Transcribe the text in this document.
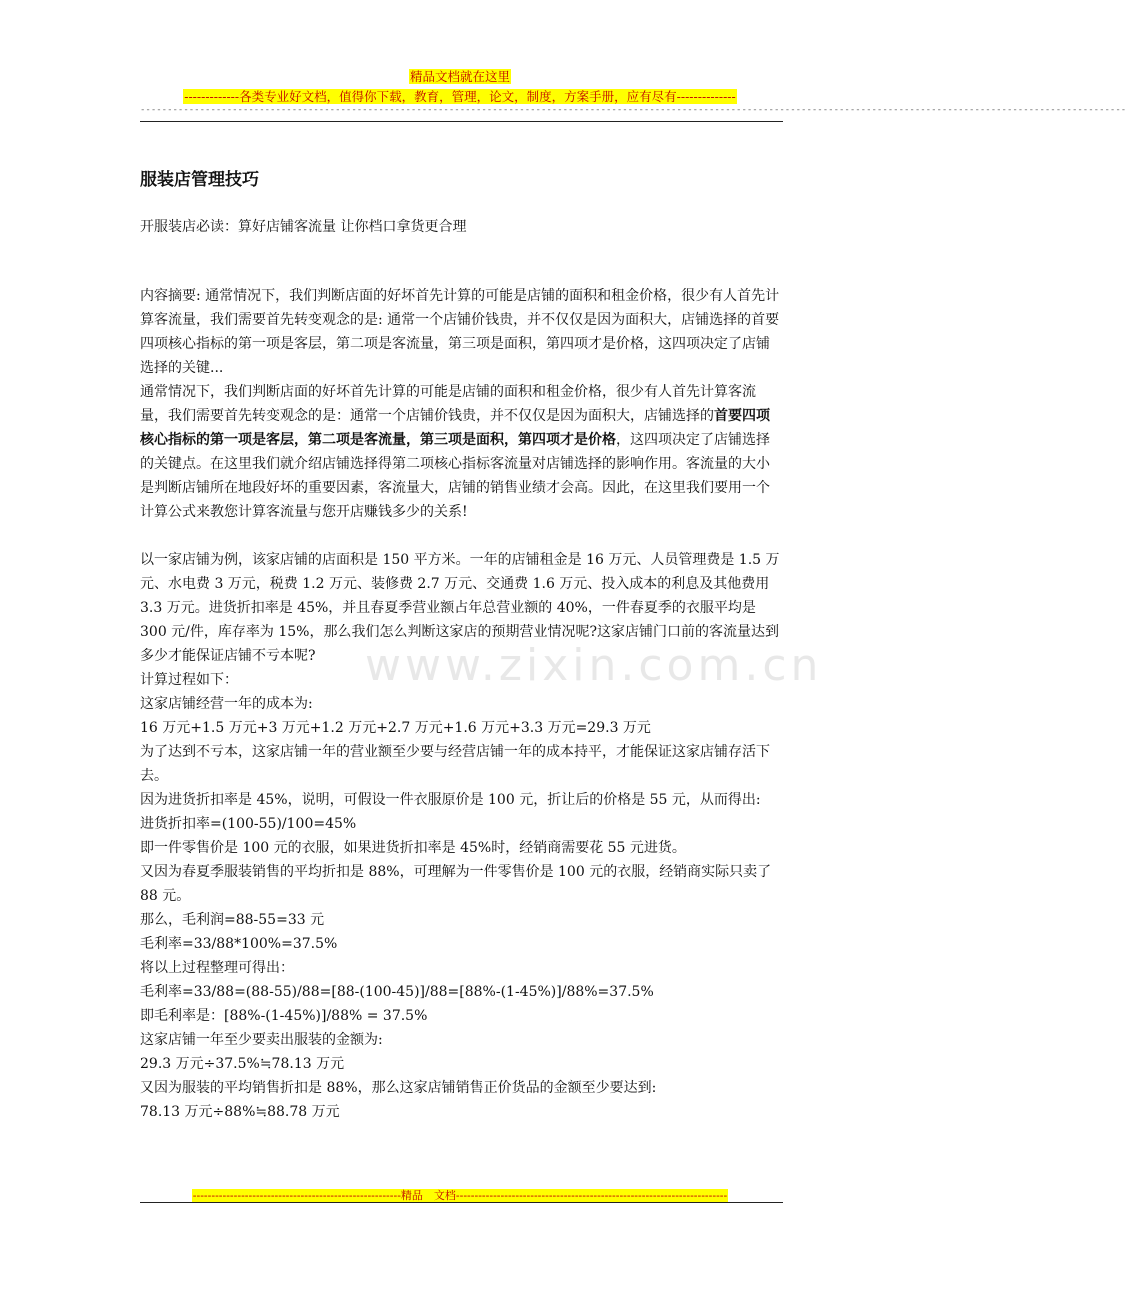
精品文档就在这里
-------------各类专业好文档，值得你下载，教育，管理，论文，制度，方案手册，应有尽有--------------
--------------------------------------------------------------------------------------------------------------------------------------------------------------------------------------
www.zixin.com.cn
服装店管理技巧

开服装店必读：算好店铺客流量 让你档口拿货更合理

内容摘要: 通常情况下，我们判断店面的好坏首先计算的可能是店铺的面积和租金价格，很少有人首先计算客流量，我们需要首先转变观念的是: 通常一个店铺价钱贵，并不仅仅是因为面积大，店铺选择的首要四项核心指标的第一项是客层，第二项是客流量，第三项是面积，第四项才是价格，这四项决定了店铺选择的关键...

通常情况下，我们判断店面的好坏首先计算的可能是店铺的面积和租金价格，很少有人首先计算客流量，我们需要首先转变观念的是：通常一个店铺价钱贵，并不仅仅是因为面积大，店铺选择的首要四项核心指标的第一项是客层，第二项是客流量，第三项是面积，第四项才是价格，这四项决定了店铺选择的关键点。在这里我们就介绍店铺选择得第二项核心指标客流量对店铺选择的影响作用。客流量的大小是判断店铺所在地段好坏的重要因素，客流量大，店铺的销售业绩才会高。因此，在这里我们要用一个计算公式来教您计算客流量与您开店赚钱多少的关系!

以一家店铺为例，该家店铺的店面积是 150 平方米。一年的店铺租金是 16 万元、人员管理费是 1.5 万元、水电费 3 万元，税费 1.2 万元、装修费 2.7 万元、交通费 1.6 万元、投入成本的利息及其他费用 3.3 万元。进货折扣率是 45%，并且春夏季营业额占年总营业额的 40%，一件春夏季的衣服平均是 300 元/件，库存率为 15%，那么我们怎么判断这家店的预期营业情况呢?这家店铺门口前的客流量达到多少才能保证店铺不亏本呢?

计算过程如下：

这家店铺经营一年的成本为:

16 万元+1.5 万元+3 万元+1.2 万元+2.7 万元+1.6 万元+3.3 万元=29.3 万元

为了达到不亏本，这家店铺一年的营业额至少要与经营店铺一年的成本持平，才能保证这家店铺存活下去。

因为进货折扣率是 45%，说明，可假设一件衣服原价是 100 元，折让后的价格是 55 元，从而得出:

进货折扣率=(100-55)/100=45%

即一件零售价是 100 元的衣服，如果进货折扣率是 45%时，经销商需要花 55 元进货。

又因为春夏季服装销售的平均折扣是 88%，可理解为一件零售价是 100 元的衣服，经销商实际只卖了 88 元。

那么，毛利润=88-55=33 元

毛利率=33/88*100%=37.5%

将以上过程整理可得出：

毛利率=33/88=(88-55)/88=[88-(100-45)]/88=[88%-(1-45%)]/88%=37.5%

即毛利率是：[88%-(1-45%)]/88% = 37.5%

这家店铺一年至少要卖出服装的金额为:

29.3 万元÷37.5%≒78.13 万元

又因为服装的平均销售折扣是 88%，那么这家店铺销售正价货品的金额至少要达到:

78.13 万元÷88%≒88.78 万元

--------------------------------------------------------精品　文档-------------------------------------------------------------------------
